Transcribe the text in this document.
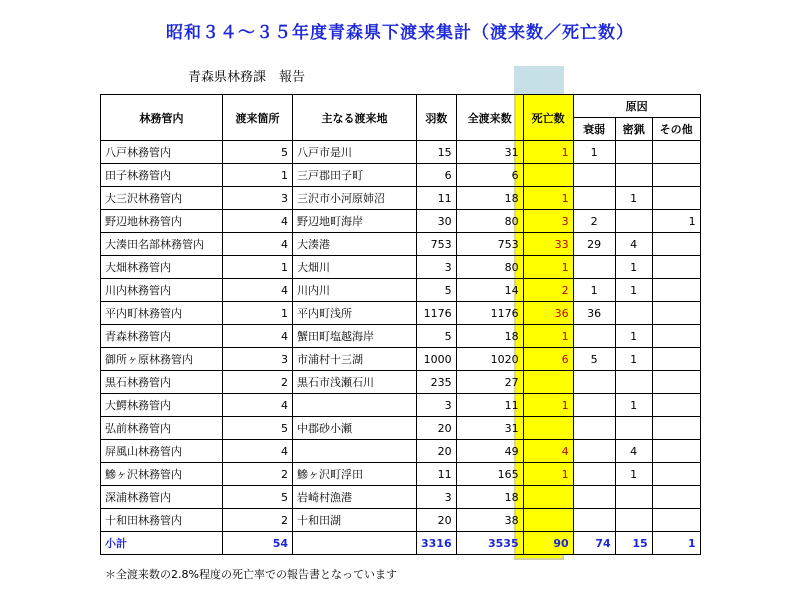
昭和３４～３５年度青森県下渡来集計（渡来数／死亡数）
青森県林務課　報告
林務管内	渡来箇所	主なる渡来地	羽数	全渡来数	死亡数	原因		
						衰弱	密猟	その他
八戸林務管内	5	八戸市是川	15	31	1	1		
田子林務管内	1	三戸郡田子町	6	6				
大三沢林務管内	3	三沢市小河原姉沼	11	18	1		1	
野辺地林務管内	4	野辺地町海岸	30	80	3	2		1
大湊田名部林務管内	4	大湊港	753	753	33	29	4	
大畑林務管内	1	大畑川	3	80	1		1	
川内林務管内	4	川内川	5	14	2	1	1	
平内町林務管内	1	平内町浅所	1176	1176	36	36		
青森林務管内	4	蟹田町塩越海岸	5	18	1		1	
御所ヶ原林務管内	3	市浦村十三湖	1000	1020	6	5	1	
黒石林務管内	2	黒石市浅瀬石川	235	27				
大鰐林務管内	4		3	11	1		1	
弘前林務管内	5	中郡砂小瀬	20	31				
屏風山林務管内	4		20	49	4		4	
鰺ヶ沢林務管内	2	鰺ヶ沢町浮田	11	165	1		1	
深浦林務管内	5	岩崎村漁港	3	18				
十和田林務管内	2	十和田湖	20	38				
小計	54		3316	3535	90	74	15	1
＊全渡来数の2.8%程度の死亡率での報告書となっています
